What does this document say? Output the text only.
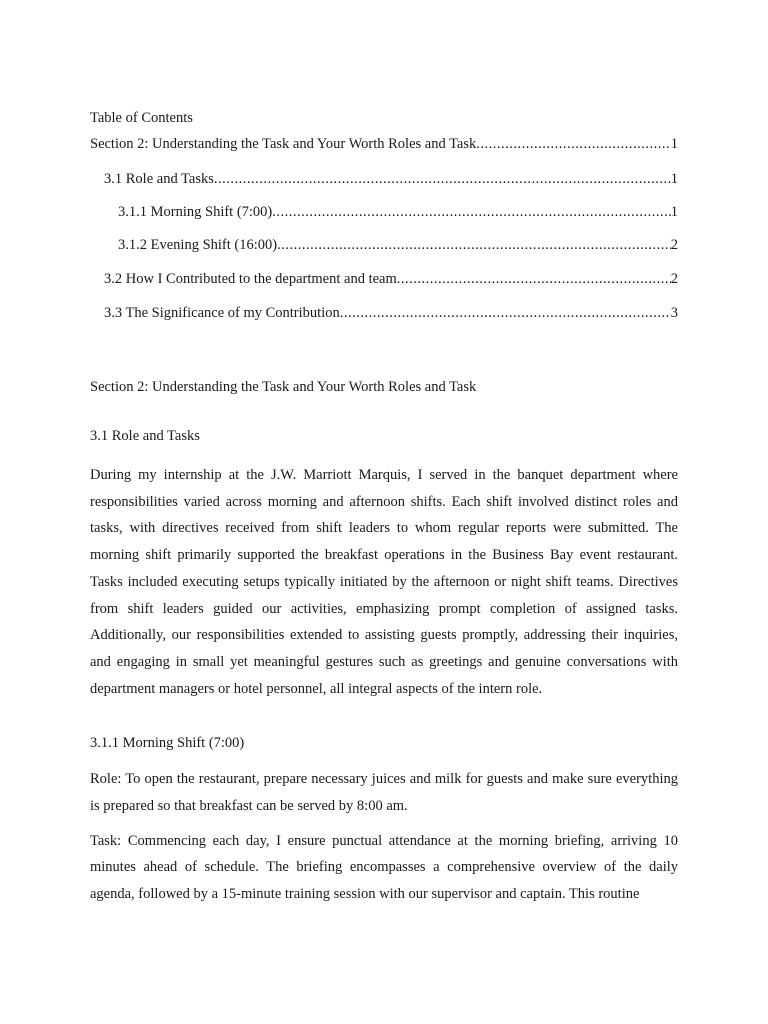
Table of Contents
Section 2: Understanding the Task and Your Worth Roles and Task .....	1
3.1 Role and Tasks .....	1
3.1.1 Morning Shift (7:00) .....	1
3.1.2 Evening Shift (16:00) .....	2
3.2 How I Contributed to the department and team .....	2
3.3 The Significance of my Contribution .....	3
Section 2: Understanding the Task and Your Worth Roles and Task
3.1 Role and Tasks

During my internship at the J.W. Marriott Marquis, I served in the banquet department where responsibilities varied across morning and afternoon shifts. Each shift involved distinct roles and tasks, with directives received from shift leaders to whom regular reports were submitted. The morning shift primarily supported the breakfast operations in the Business Bay event restaurant. Tasks included executing setups typically initiated by the afternoon or night shift teams. Directives from shift leaders guided our activities, emphasizing prompt completion of assigned tasks. Additionally, our responsibilities extended to assisting guests promptly, addressing their inquiries, and engaging in small yet meaningful gestures such as greetings and genuine conversations with department managers or hotel personnel, all integral aspects of the intern role.

3.1.1 Morning Shift (7:00)

Role: To open the restaurant, prepare necessary juices and milk for guests and make sure everything is prepared so that breakfast can be served by 8:00 am.

Task: Commencing each day, I ensure punctual attendance at the morning briefing, arriving 10 minutes ahead of schedule. The briefing encompasses a comprehensive overview of the daily agenda, followed by a 15-minute training session with our supervisor and captain. This routine
